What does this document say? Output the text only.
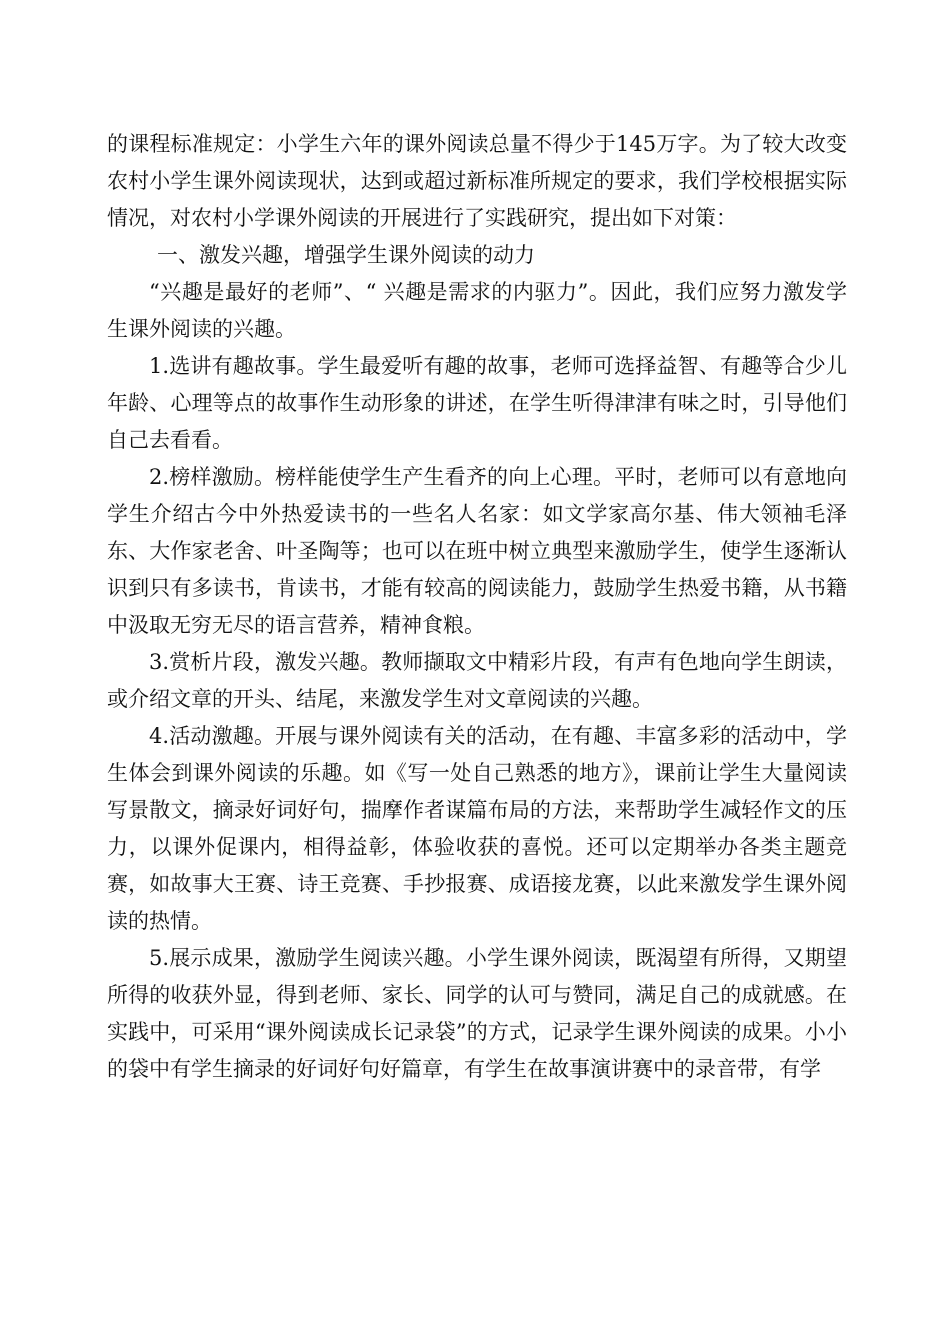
的课程标准规定：小学生六年的课外阅读总量不得少于145万字。为了较大改变农村小学生课外阅读现状，达到或超过新标准所规定的要求，我们学校根据实际情况，对农村小学课外阅读的开展进行了实践研究，提出如下对策：

一、激发兴趣，增强学生课外阅读的动力

“兴趣是最好的老师”、“ 兴趣是需求的内驱力”。因此，我们应努力激发学生课外阅读的兴趣。

1.选讲有趣故事。学生最爱听有趣的故事，老师可选择益智、有趣等合少儿年龄、心理等点的故事作生动形象的讲述，在学生听得津津有味之时，引导他们自己去看看。

2.榜样激励。榜样能使学生产生看齐的向上心理。平时，老师可以有意地向学生介绍古今中外热爱读书的一些名人名家：如文学家高尔基、伟大领袖毛泽东、大作家老舍、叶圣陶等；也可以在班中树立典型来激励学生，使学生逐渐认识到只有多读书，肯读书，才能有较高的阅读能力，鼓励学生热爱书籍，从书籍中汲取无穷无尽的语言营养，精神食粮。

3.赏析片段，激发兴趣。教师撷取文中精彩片段，有声有色地向学生朗读，或介绍文章的开头、结尾，来激发学生对文章阅读的兴趣。

4.活动激趣。开展与课外阅读有关的活动，在有趣、丰富多彩的活动中，学生体会到课外阅读的乐趣。如《写一处自己熟悉的地方》，课前让学生大量阅读写景散文，摘录好词好句，揣摩作者谋篇布局的方法，来帮助学生减轻作文的压力，以课外促课内，相得益彰，体验收获的喜悦。还可以定期举办各类主题竞赛，如故事大王赛、诗王竞赛、手抄报赛、成语接龙赛，以此来激发学生课外阅读的热情。

5.展示成果，激励学生阅读兴趣。小学生课外阅读，既渴望有所得，又期望所得的收获外显，得到老师、家长、同学的认可与赞同，满足自己的成就感。在实践中，可采用“课外阅读成长记录袋”的方式，记录学生课外阅读的成果。小小的袋中有学生摘录的好词好句好篇章，有学生在故事演讲赛中的录音带，有学
